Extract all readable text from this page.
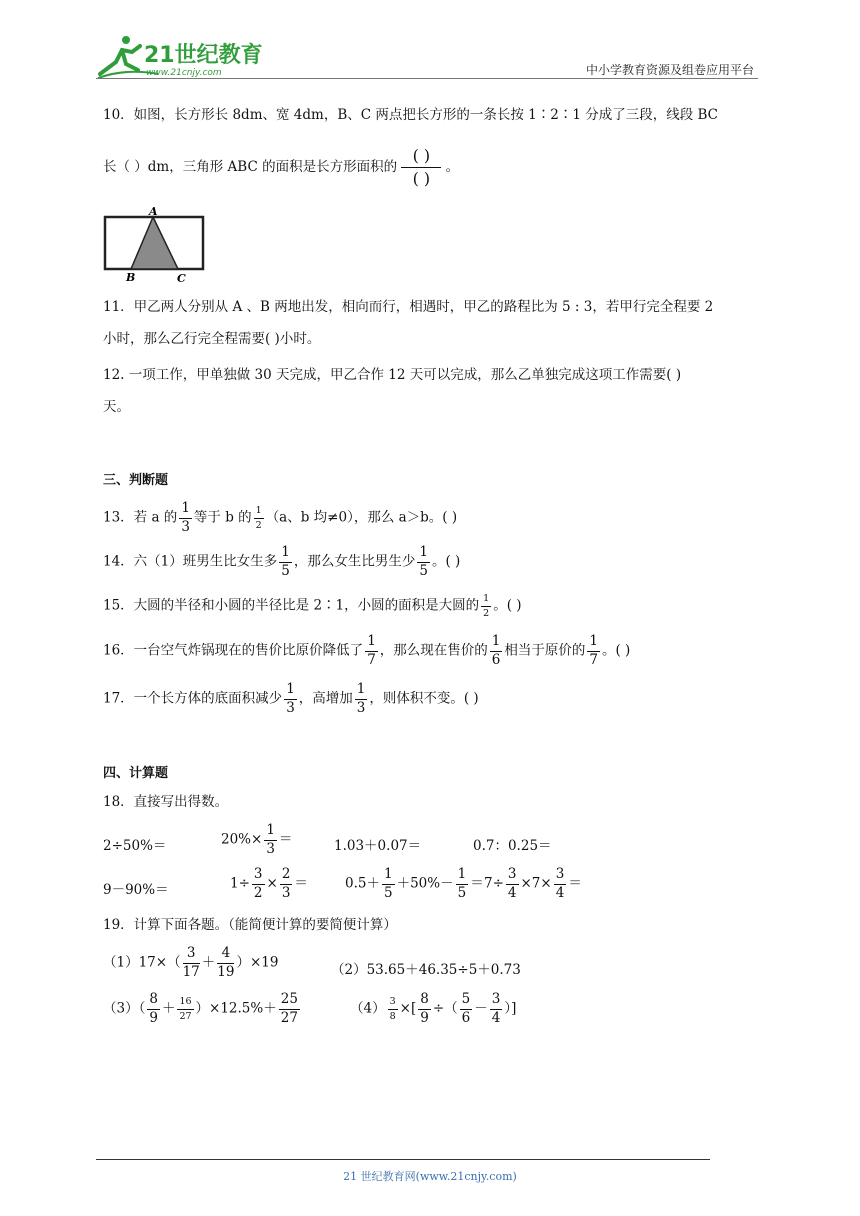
21世纪教育
www.21cnjy.com	中小学教育资源及组卷应用平台
10．如图，长方形长 8dm、宽 4dm，B、C 两点把长方形的一条长按 1∶2∶1 分成了三段，线段 BC
长（ ）dm，三角形 ABC 的面积是长方形面积的
( )
( )
。
A
B	C
11．甲乙两人分别从 A 、B 两地出发，相向而行，相遇时，甲乙的路程比为 5 : 3，若甲行完全程要 2
小时，那么乙行完全程需要( )小时。
12. 一项工作，甲单独做 30 天完成，甲乙合作 12 天可以完成，那么乙单独完成这项工作需要( )
天。
三、判断题
13．若 a 的 $\frac{1}{3}$ 等于 b 的 $\frac{1}{2} (a$、b 均≠0），那么 a＞b。( )
14．六（1）班男生比女生多 $\frac{1}{5}$ ，那么女生比男生少 $\frac{1}{5}$ 。( )
15．大圆的半径和小圆的半径比是 2∶1，小圆的面积是大圆的 $\frac{1}{2}$ 。( )
16．一台空气炸锅现在的售价比原价降低了 $\frac{1}{7}$ ，那么现在售价的 $\frac{1}{6}$ 相当于原价的 $\frac{1}{7}$ 。( )
17．一个长方体的底面积减少 $\frac{1}{3}$ ，高增加 $\frac{1}{3}$ ，则体积不变。( )
四、计算题
18．直接写出得数。
2÷50%＝	$20\%\times \frac{1}{3}$ ＝	1.03＋0.07＝	0.7：0.25＝
9－90%＝	$1\div \frac{3}{2} \times \frac{2}{3}$ ＝	$0.5+ \frac{1}{5} +50\%- \frac{1}{5} = 7\div \frac{3}{4} \times 7\times \frac{3}{4}$ ＝
19．计算下面各题。（能简便计算的要简便计算）
$(1)17\times( \frac{3}{17} + \frac{4}{19} )\times 19$	（2）53.65＋46.35÷5＋0.73
$(3)( \frac{8}{9} + \frac{16}{27} )\times 12.5\%+ \frac{25}{27}$	$(4) \frac{3}{8}$ ×[ $\frac{8}{9}$ ÷（ $\frac{5}{6} - \frac{3}{4}$ ）]
21 世纪教育网(www.21cnjy.com)
